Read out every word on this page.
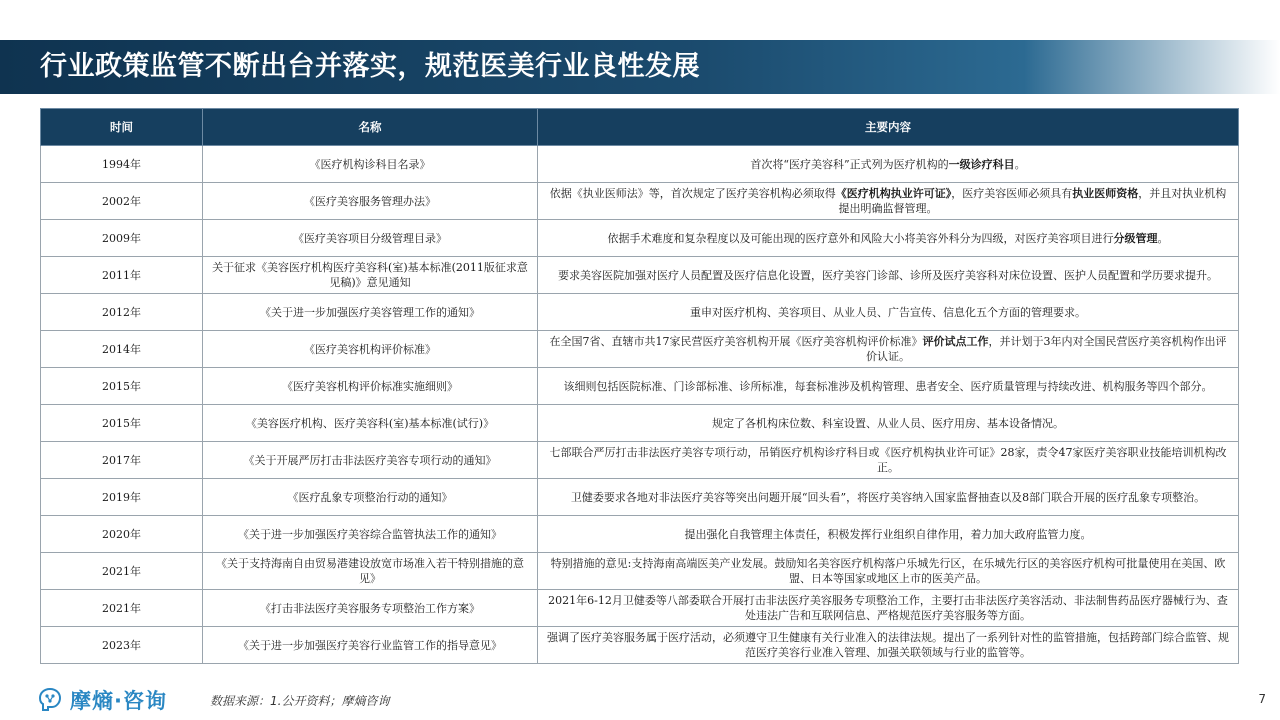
行业政策监管不断出台并落实，规范医美行业良性发展
时间	名称	主要内容
1994年	《医疗机构诊科目名录》	首次将“医疗美容科”正式列为医疗机构的一级诊疗科目。
2002年	《医疗美容服务管理办法》	依据《执业医师法》等，首次规定了医疗美容机构必须取得《医疗机构执业许可证》，医疗美容医师必须具有执业医师资格，并且对执业机构提出明确监督管理。
2009年	《医疗美容项目分级管理目录》	依据手术难度和复杂程度以及可能出现的医疗意外和风险大小将美容外科分为四级，对医疗美容项目进行分级管理。
2011年	关于征求《美容医疗机构医疗美容科(室)基本标准(2011版征求意见稿)》意见通知	要求美容医院加强对医疗人员配置及医疗信息化设置，医疗美容门诊部、诊所及医疗美容科对床位设置、医护人员配置和学历要求提升。
2012年	《关于进一步加强医疗美容管理工作的通知》	重申对医疗机构、美容项目、从业人员、广告宣传、信息化五个方面的管理要求。
2014年	《医疗美容机构评价标准》	在全国7省、直辖市共17家民营医疗美容机构开展《医疗美容机构评价标准》评价试点工作，并计划于3年内对全国民营医疗美容机构作出评价认证。
2015年	《医疗美容机构评价标准实施细则》	该细则包括医院标准、门诊部标准、诊所标准，每套标准涉及机构管理、患者安全、医疗质量管理与持续改进、机构服务等四个部分。
2015年	《美容医疗机构、医疗美容科(室)基本标准(试行)》	规定了各机构床位数、科室设置、从业人员、医疗用房、基本设备情况。
2017年	《关于开展严厉打击非法医疗美容专项行动的通知》	七部联合严厉打击非法医疗美容专项行动，吊销医疗机构诊疗科目或《医疗机构执业许可证》28家，责令47家医疗美容职业技能培训机构改正。
2019年	《医疗乱象专项整治行动的通知》	卫健委要求各地对非法医疗美容等突出问题开展“回头看”，将医疗美容纳入国家监督抽查以及8部门联合开展的医疗乱象专项整治。
2020年	《关于进一步加强医疗美容综合监管执法工作的通知》	提出强化自我管理主体责任，积极发挥行业组织自律作用，着力加大政府监管力度。
2021年	《关于支持海南自由贸易港建设放宽市场准入若干特别措施的意见》	特别措施的意见:支持海南高端医美产业发展。鼓励知名美容医疗机构落户乐城先行区，在乐城先行区的美容医疗机构可批量使用在美国、欧盟、日本等国家或地区上市的医美产品。
2021年	《打击非法医疗美容服务专项整治工作方案》	2021年6-12月卫健委等八部委联合开展打击非法医疗美容服务专项整治工作，主要打击非法医疗美容活动、非法制售药品医疗器械行为、查处违法广告和互联网信息、严格规范医疗美容服务等方面。
2023年	《关于进一步加强医疗美容行业监管工作的指导意见》	强调了医疗美容服务属于医疗活动，必须遵守卫生健康有关行业准入的法律法规。提出了一系列针对性的监管措施，包括跨部门综合监管、规范医疗美容行业准入管理、加强关联领域与行业的监管等。
摩熵·咨询	数据来源：1.公开资料；摩熵咨询	7
